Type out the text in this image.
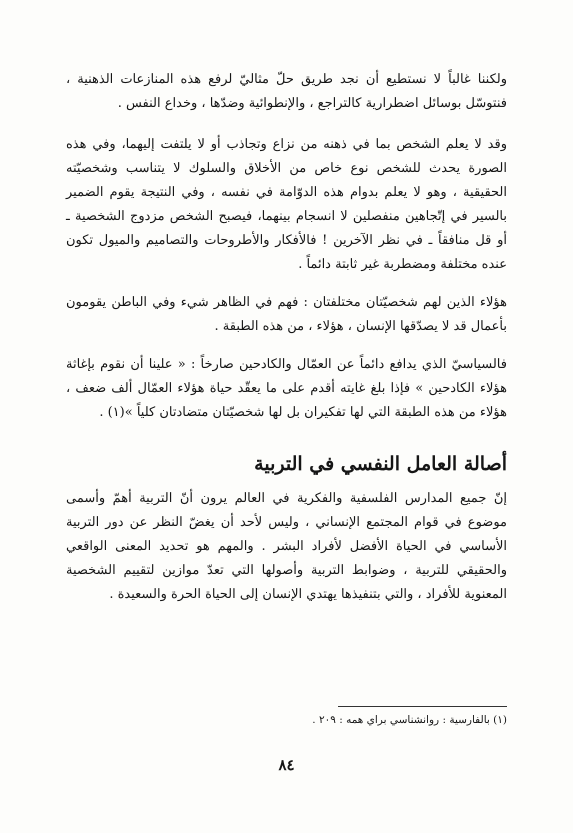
ولكننا غالباً لا نستطيع أن نجد طريق حلّ مثاليّ لرفع هذه المنازعات الذهنية ، فنتوسّل بوسائل اضطرارية كالتراجع ، والإنطوائية وضدّها ، وخداع النفس .

وقد لا يعلم الشخص بما في ذهنه من نزاع وتجاذب أو لا يلتفت إليهما، وفي هذه الصورة يحدث للشخص نوع خاص من الأخلاق والسلوك لا يتناسب وشخصيّته الحقيقية ، وهو لا يعلم بدوام هذه الدوّامة في نفسه ، وفي النتيجة يقوم الضمير بالسير في إتّجاهين منفصلين لا انسجام بينهما، فيصبح الشخص مزدوج الشخصية ـ أو قل منافقاً ـ في نظر الآخرين ! فالأفكار والأطروحات والتصاميم والميول تكون عنده مختلفة ومضطربة غير ثابتة دائماً .

هؤلاء الذين لهم شخصيّتان مختلفتان : فهم في الظاهر شيء وفي الباطن يقومون بأعمال قد لا يصدّقها الإنسان ، هؤلاء ، من هذه الطبقة .

فالسياسيّ الذي يدافع دائماً عن العمّال والكادحين صارخاً : « علينا أن نقوم بإغاثة هؤلاء الكادحين » فإذا بلغ غايته أقدم على ما يعقّد حياة هؤلاء العمّال ألف ضعف ، هؤلاء من هذه الطبقة التي لها تفكيران بل لها شخصيّتان متضادتان كلياً »(١) .

أصالة العامل النفسي في التربية

إنّ جميع المدارس الفلسفية والفكرية في العالم يرون أنّ التربية أهمّ وأسمى موضوع في قوام المجتمع الإنساني ، وليس لأحد أن يغضّ النظر عن دور التربية الأساسي في الحياة الأفضل لأفراد البشر . والمهم هو تحديد المعنى الواقعي والحقيقي للتربية ، وضوابط التربية وأصولها التي تعدّ موازين لتقييم الشخصية المعنوية للأفراد ، والتي بتنفيذها يهتدي الإنسان إلى الحياة الحرة والسعيدة .

(١) بالفارسية : روانشناسي براي همه : ٢٠٩ .
٨٤
